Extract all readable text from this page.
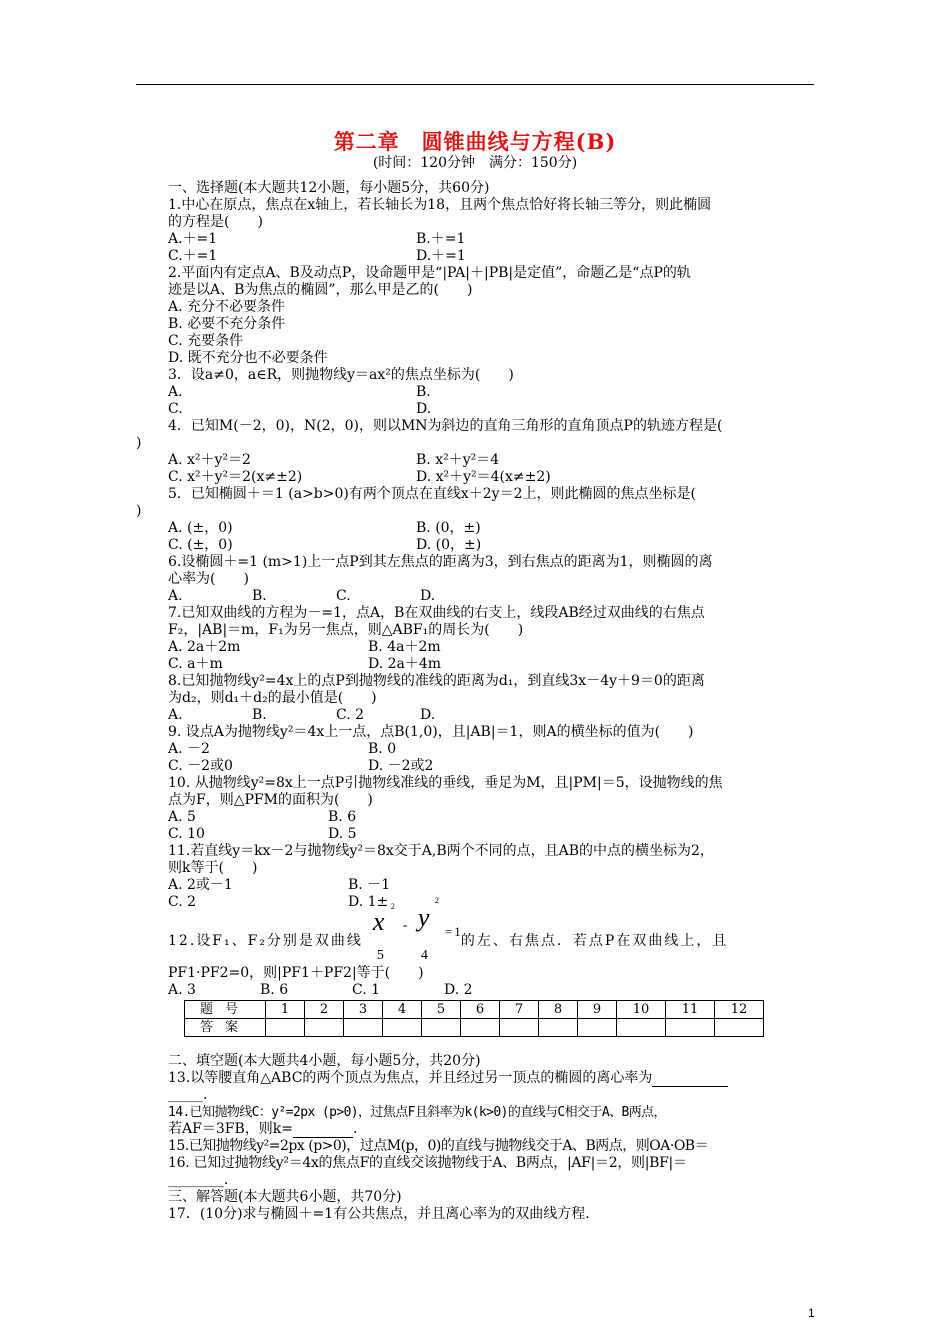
第二章　圆锥曲线与方程(B)
(时间：120分钟　满分：150分)
一、选择题(本大题共12小题，每小题5分，共60分)
1.中心在原点，焦点在x轴上，若长轴长为18，且两个焦点恰好将长轴三等分，则此椭圆
的方程是(　　)
A.＋=1	B.＋=1
C.＋=1	D.＋=1
2.平面内有定点A、B及动点P，设命题甲是“|PA|＋|PB|是定值”，命题乙是“点P的轨
迹是以A、B为焦点的椭圆”，那么甲是乙的(　　)
A. 充分不必要条件
B. 必要不充分条件
C. 充要条件
D. 既不充分也不必要条件
3．设a≠0，a∈R，则抛物线y＝ax²的焦点坐标为(　　)
A.	B.
C.	D.
4．已知M(－2，0)，N(2，0)，则以MN为斜边的直角三角形的直角顶点P的轨迹方程是(
)
A. x²＋y²＝2	B. x²＋y²＝4
C. x²＋y²＝2(x≠±2)	D. x²＋y²＝4(x≠±2)
5．已知椭圆＋＝1 (a>b>0)有两个顶点在直线x＋2y＝2上，则此椭圆的焦点坐标是(
)
A. (±，0)	B. (0，±)
C. (±，0)	D. (0，±)
6.设椭圆＋=1 (m>1)上一点P到其左焦点的距离为3，到右焦点的距离为1，则椭圆的离
心率为(　　)
A.	B.	C.	D.
7.已知双曲线的方程为－=1，点A，B在双曲线的右支上，线段AB经过双曲线的右焦点
F₂，|AB|＝m，F₁为另一焦点，则△ABF₁的周长为(　　)
A. 2a＋2m	B. 4a＋2m
C. a＋m	D. 2a＋4m
8.已知抛物线y²=4x上的点P到抛物线的准线的距离为d₁，到直线3x－4y＋9＝0的距离
为d₂，则d₁＋d₂的最小值是(　　)
A.	B.	C. 2	D.
9. 设点A为抛物线y²＝4x上一点，点B(1,0)，且|AB|＝1，则A的横坐标的值为(　　)
A. －2	B. 0
C. －2或0	D. －2或2
10. 从抛物线y²=8x上一点P引抛物线准线的垂线，垂足为M，且|PM|＝5，设抛物线的焦
点为F，则△PFM的面积为(　　)
A. 5	B. 6
C. 10	D. 5
11.若直线y＝kx－2与抛物线y²＝8x交于A,B两个不同的点，且AB的中点的横坐标为2，
则k等于(　　)
A. 2或－1	B. －1
C. 2	D. 1±
12.设F₁、F₂分别是双曲线
x
2
- y
2
5	4
=1
的左、右焦点．若点P在双曲线上，且
PF1·PF2=0，则|PF1＋PF2|等于(　　)
A. 3	B. 6	C. 1	D. 2
题号	1	2	3	4	5	6	7	8	9	10	11	12
答案												
二、填空题(本大题共4小题，每小题5分，共20分)
13.以等腰直角△ABC的两个顶点为焦点，并且经过另一顶点的椭圆的离心率为
_____．
14.已知抛物线C：y²=2px (p>0)，过焦点F且斜率为k(k>0)的直线与C相交于A、B两点，
若AF＝3FB，则k=	．
15.已知抛物线y²=2px (p>0)，过点M(p，0)的直线与抛物线交于A、B两点，则OA·OB＝
16. 已知过抛物线y²＝4x的焦点F的直线交该抛物线于A、B两点，|AF|＝2，则|BF|＝
________．
三、解答题(本大题共6小题，共70分)
17．(10分)求与椭圆＋=1有公共焦点，并且离心率为的双曲线方程．
1
